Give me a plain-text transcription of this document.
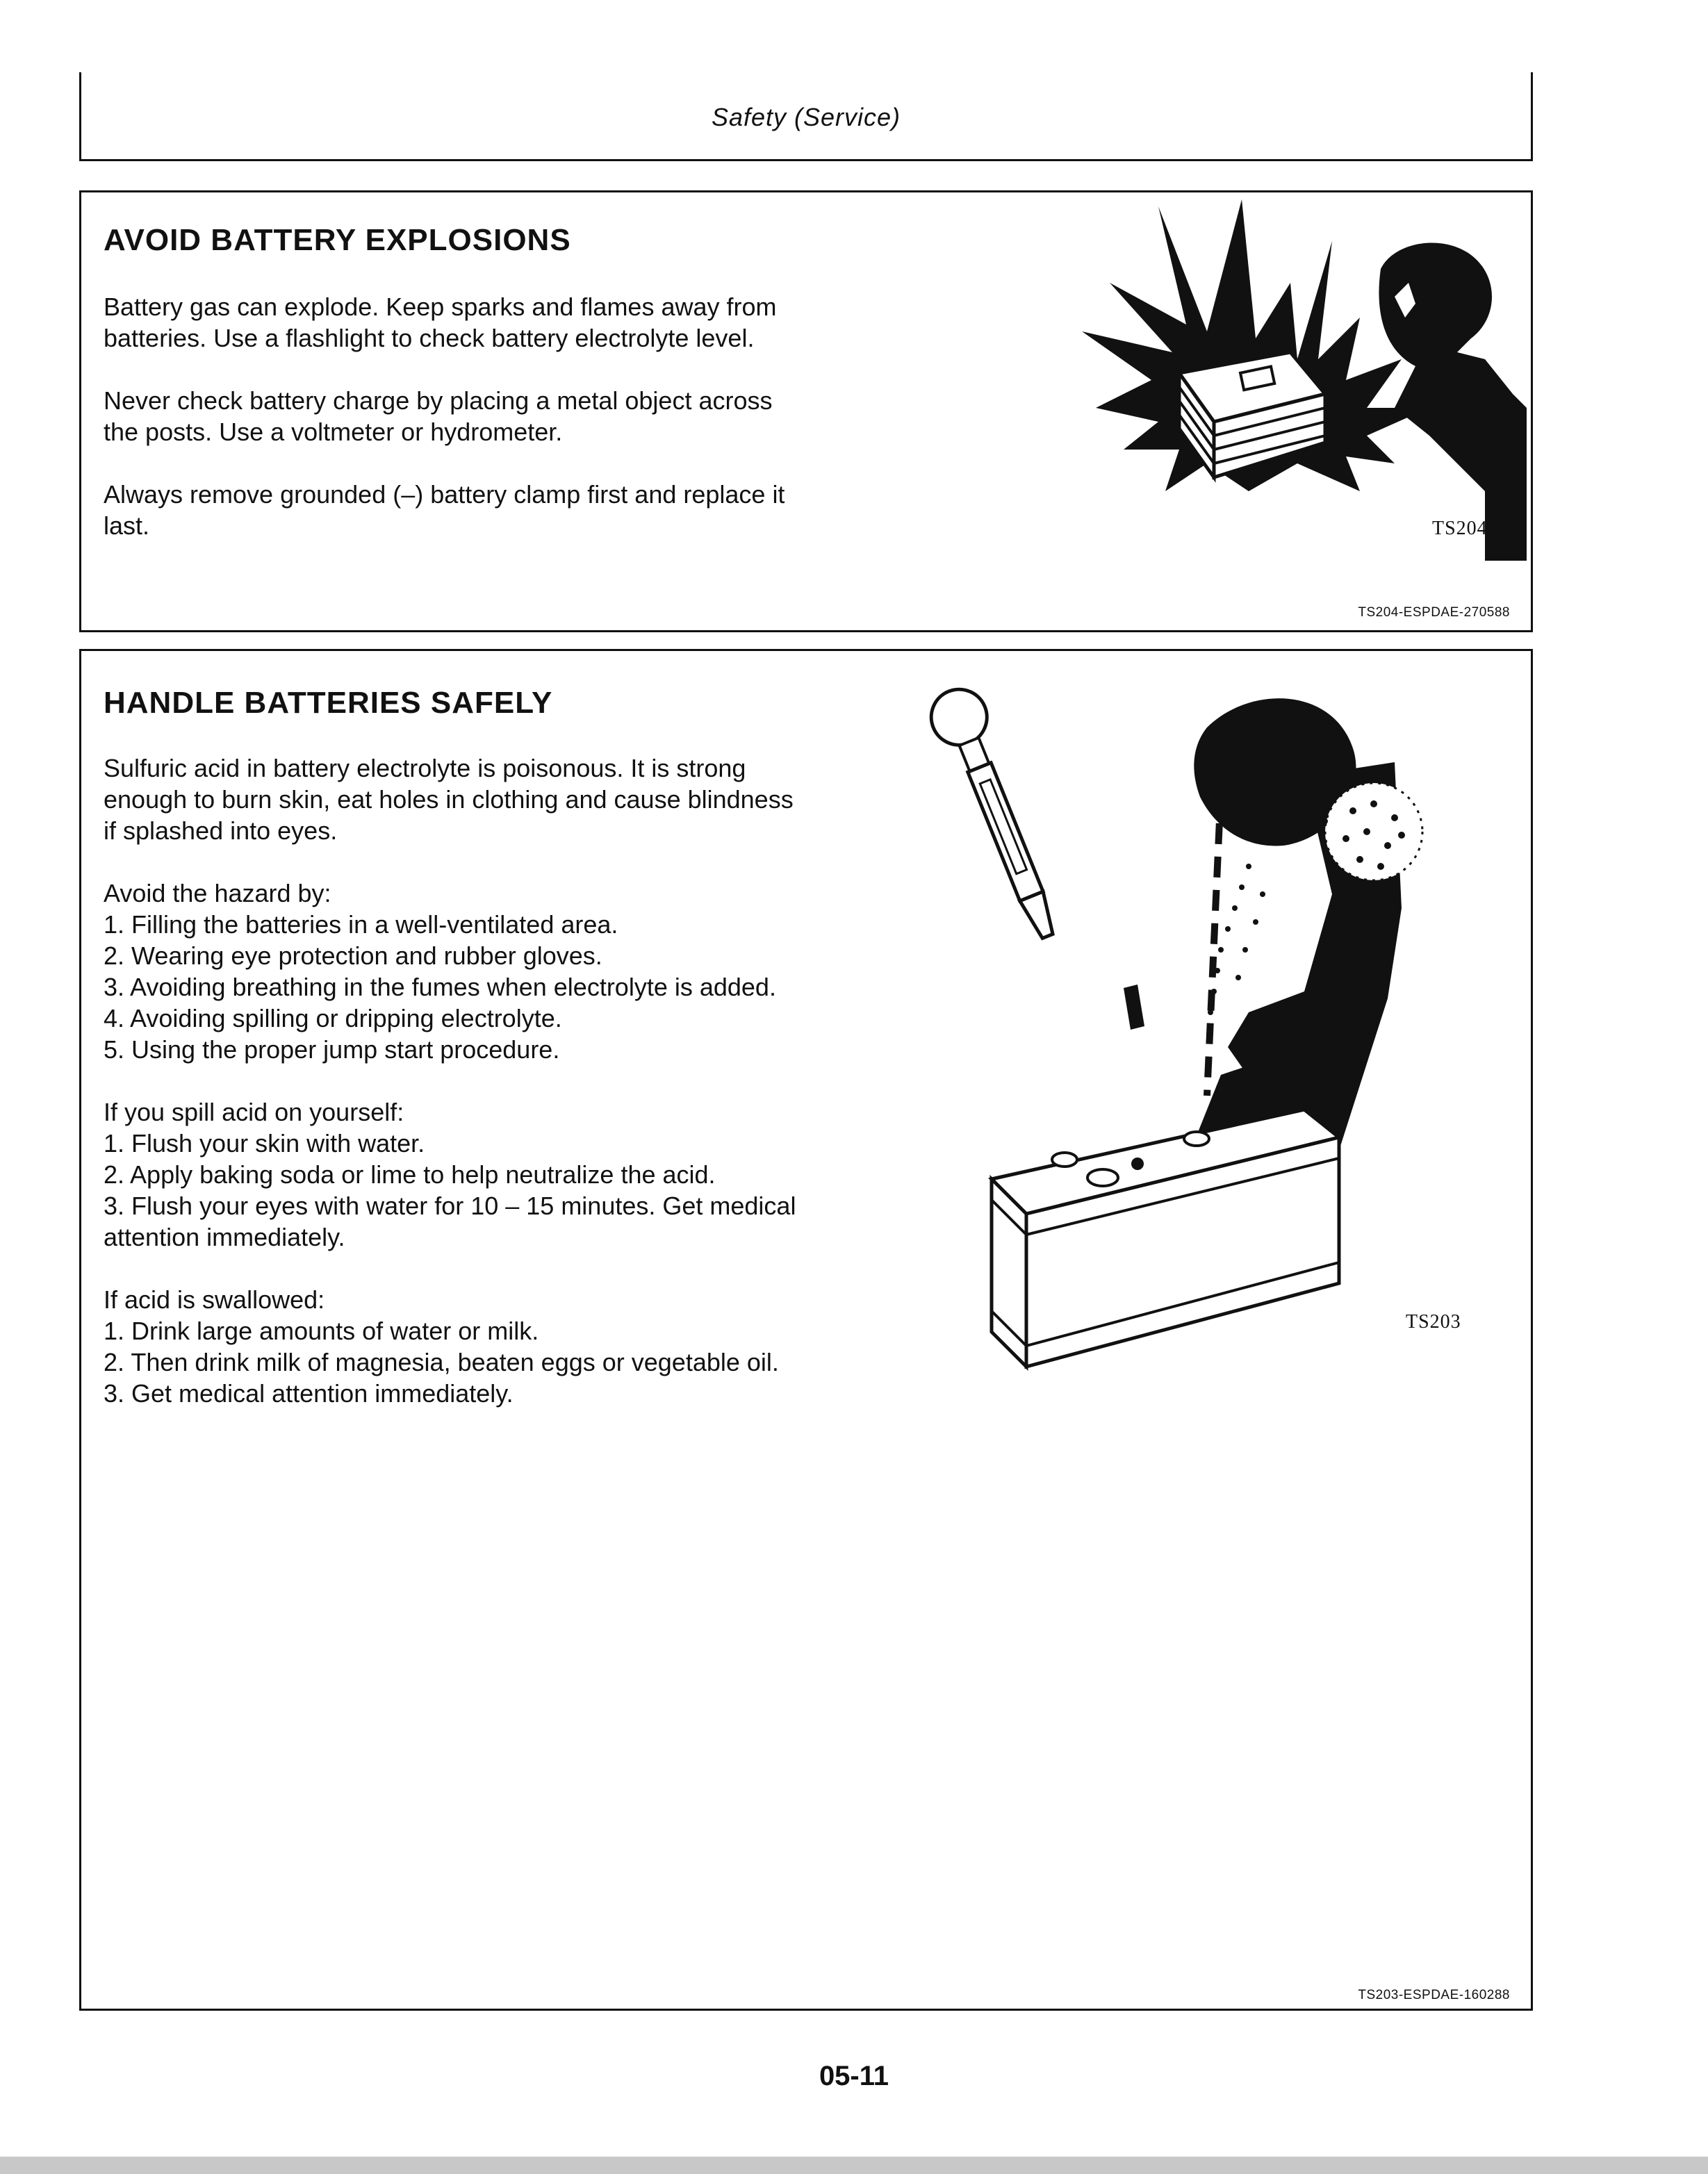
Safety (Service)
AVOID BATTERY EXPLOSIONS

Battery gas can explode. Keep sparks and flames away from batteries. Use a flashlight to check battery electrolyte level.

Never check battery charge by placing a metal object across the posts. Use a voltmeter or hydrometer.

Always remove grounded (–) battery clamp first and replace it last.	TS204
TS204-ESPDAE-270588
HANDLE BATTERIES SAFELY

Sulfuric acid in battery electrolyte is poisonous. It is strong enough to burn skin, eat holes in clothing and cause blindness if splashed into eyes.

Avoid the hazard by:
1. Filling the batteries in a well-ventilated area.
2. Wearing eye protection and rubber gloves.
3. Avoiding breathing in the fumes when electrolyte is added.
4. Avoiding spilling or dripping electrolyte.
5. Using the proper jump start procedure.
If you spill acid on yourself:
1. Flush your skin with water.
2. Apply baking soda or lime to help neutralize the acid.
3. Flush your eyes with water for 10 – 15 minutes. Get medical attention immediately.
If acid is swallowed:
1. Drink large amounts of water or milk.
2. Then drink milk of magnesia, beaten eggs or vegetable oil.
3. Get medical attention immediately.
TS203
TS203-ESPDAE-160288
05-11
